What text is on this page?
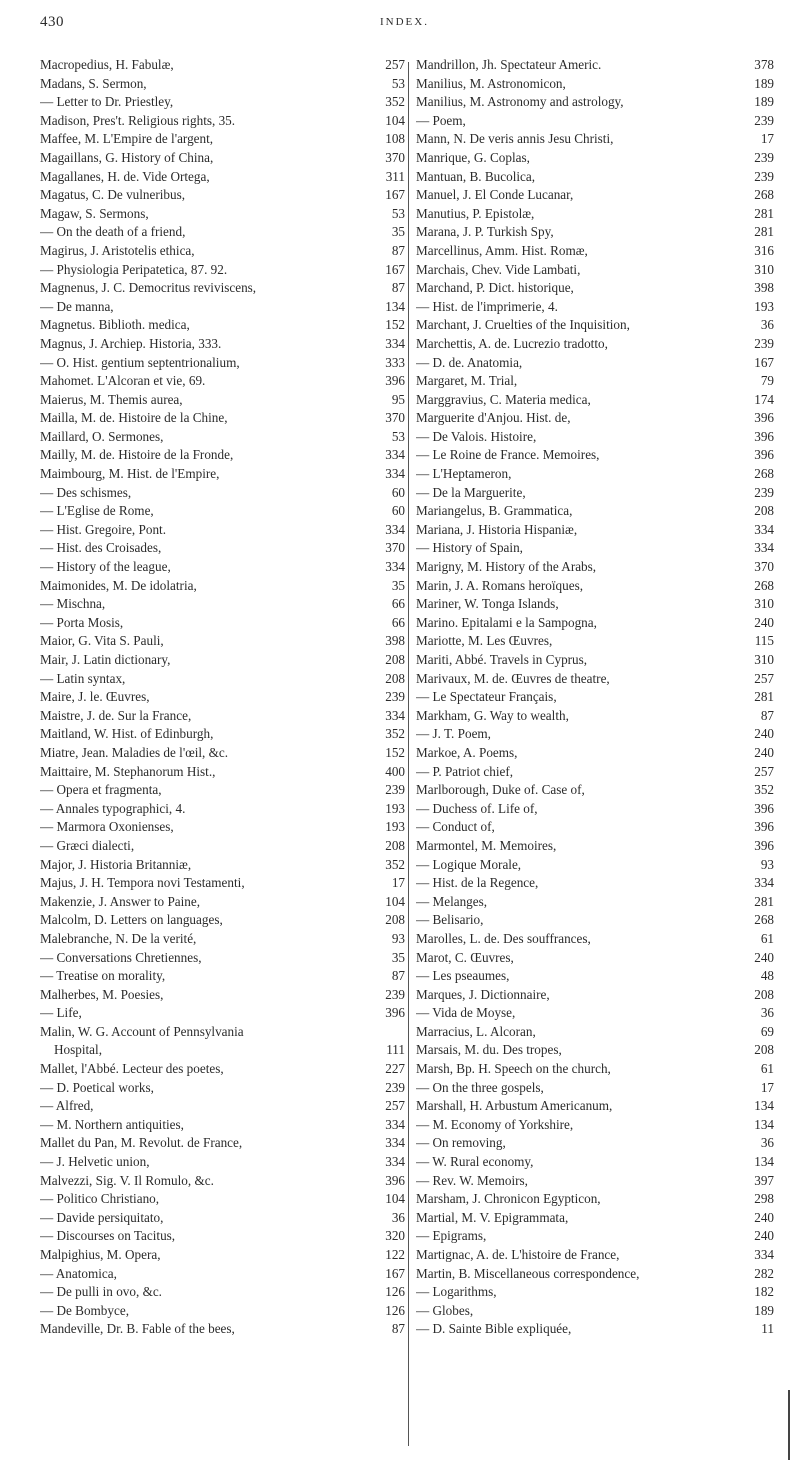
430	INDEX.
Macropedius, H. Fabulæ,	257
Madans, S. Sermon,	53
— Letter to Dr. Priestley,	352
Madison, Pres't. Religious rights, 35.	104
Maffee, M. L'Empire de l'argent,	108
Magaillans, G. History of China,	370
Magallanes, H. de. Vide Ortega,	311
Magatus, C. De vulneribus,	167
Magaw, S. Sermons,	53
— On the death of a friend,	35
Magirus, J. Aristotelis ethica,	87
— Physiologia Peripatetica, 87. 92.	167
Magnenus, J. C. Democritus reviviscens,	87
— De manna,	134
Magnetus. Biblioth. medica,	152
Magnus, J. Archiep. Historia, 333.	334
— O. Hist. gentium septentrionalium,	333
Mahomet. L'Alcoran et vie, 69.	396
Maierus, M. Themis aurea,	95
Mailla, M. de. Histoire de la Chine,	370
Maillard, O. Sermones,	53
Mailly, M. de. Histoire de la Fronde,	334
Maimbourg, M. Hist. de l'Empire,	334
— Des schismes,	60
— L'Eglise de Rome,	60
— Hist. Gregoire, Pont.	334
— Hist. des Croisades,	370
— History of the league,	334
Maimonides, M. De idolatria,	35
— Mischna,	66
— Porta Mosis,	66
Maior, G. Vita S. Pauli,	398
Mair, J. Latin dictionary,	208
— Latin syntax,	208
Maire, J. le. Œuvres,	239
Maistre, J. de. Sur la France,	334
Maitland, W. Hist. of Edinburgh,	352
Miatre, Jean. Maladies de l'œil, &c.	152
Maittaire, M. Stephanorum Hist.,	400
— Opera et fragmenta,	239
— Annales typographici, 4.	193
— Marmora Oxonienses,	193
— Græci dialecti,	208
Major, J. Historia Britanniæ,	352
Majus, J. H. Tempora novi Testamenti,	17
Makenzie, J. Answer to Paine,	104
Malcolm, D. Letters on languages,	208
Malebranche, N. De la verité,	93
— Conversations Chretiennes,	35
— Treatise on morality,	87
Malherbes, M. Poesies,	239
— Life,	396
Malin, W. G. Account of Pennsylvania
Hospital,	111
Mallet, l'Abbé. Lecteur des poetes,	227
— D. Poetical works,	239
— Alfred,	257
— M. Northern antiquities,	334
Mallet du Pan, M. Revolut. de France,	334
— J. Helvetic union,	334
Malvezzi, Sig. V. Il Romulo, &c.	396
— Politico Christiano,	104
— Davide persiquitato,	36
— Discourses on Tacitus,	320
Malpighius, M. Opera,	122
— Anatomica,	167
— De pulli in ovo, &c.	126
— De Bombyce,	126
Mandeville, Dr. B. Fable of the bees,	87
Mandrillon, Jh. Spectateur Americ.	378
Manilius, M. Astronomicon,	189
Manilius, M. Astronomy and astrology,	189
— Poem,	239
Mann, N. De veris annis Jesu Christi,	17
Manrique, G. Coplas,	239
Mantuan, B. Bucolica,	239
Manuel, J. El Conde Lucanar,	268
Manutius, P. Epistolæ,	281
Marana, J. P. Turkish Spy,	281
Marcellinus, Amm. Hist. Romæ,	316
Marchais, Chev. Vide Lambati,	310
Marchand, P. Dict. historique,	398
— Hist. de l'imprimerie, 4.	193
Marchant, J. Cruelties of the Inquisition,	36
Marchettis, A. de. Lucrezio tradotto,	239
— D. de. Anatomia,	167
Margaret, M. Trial,	79
Marggravius, C. Materia medica,	174
Marguerite d'Anjou. Hist. de,	396
— De Valois. Histoire,	396
— Le Roine de France. Memoires,	396
— L'Heptameron,	268
— De la Marguerite,	239
Mariangelus, B. Grammatica,	208
Mariana, J. Historia Hispaniæ,	334
— History of Spain,	334
Marigny, M. History of the Arabs,	370
Marin, J. A. Romans heroïques,	268
Mariner, W. Tonga Islands,	310
Marino. Epitalami e la Sampogna,	240
Mariotte, M. Les Œuvres,	115
Mariti, Abbé. Travels in Cyprus,	310
Marivaux, M. de. Œuvres de theatre,	257
— Le Spectateur Français,	281
Markham, G. Way to wealth,	87
— J. T. Poem,	240
Markoe, A. Poems,	240
— P. Patriot chief,	257
Marlborough, Duke of. Case of,	352
— Duchess of. Life of,	396
— Conduct of,	396
Marmontel, M. Memoires,	396
— Logique Morale,	93
— Hist. de la Regence,	334
— Melanges,	281
— Belisario,	268
Marolles, L. de. Des souffrances,	61
Marot, C. Œuvres,	240
— Les pseaumes,	48
Marques, J. Dictionnaire,	208
— Vida de Moyse,	36
Marracius, L. Alcoran,	69
Marsais, M. du. Des tropes,	208
Marsh, Bp. H. Speech on the church,	61
— On the three gospels,	17
Marshall, H. Arbustum Americanum,	134
— M. Economy of Yorkshire,	134
— On removing,	36
— W. Rural economy,	134
— Rev. W. Memoirs,	397
Marsham, J. Chronicon Egypticon,	298
Martial, M. V. Epigrammata,	240
— Epigrams,	240
Martignac, A. de. L'histoire de France,	334
Martin, B. Miscellaneous correspondence,	282
— Logarithms,	182
— Globes,	189
— D. Sainte Bible expliquée,	11
